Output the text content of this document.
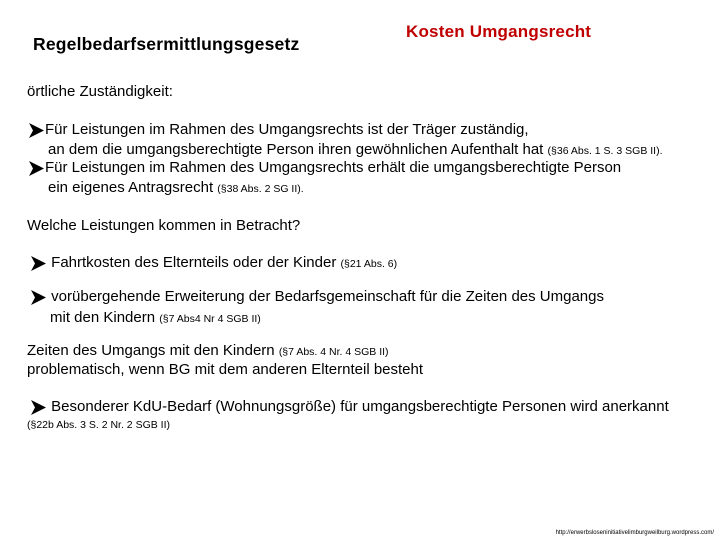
Regelbedarfsermittlungsgesetz
Kosten Umgangsrecht
örtliche Zuständigkeit:
Für Leistungen im Rahmen des Umgangsrechts ist der Träger zuständig,
an dem die umgangsberechtigte Person ihren gewöhnlichen Aufenthalt hat (§36 Abs. 1 S. 3 SGB II).
Für Leistungen im Rahmen des Umgangsrechts erhält die umgangsberechtigte Person
ein eigenes Antragsrecht (§38 Abs. 2 SG II).
Welche Leistungen kommen in Betracht?
Fahrtkosten des Elternteils oder der Kinder (§21 Abs. 6)
vorübergehende Erweiterung der Bedarfsgemeinschaft für die Zeiten des Umgangs
mit den Kindern (§7 Abs4 Nr 4 SGB II)
Zeiten des Umgangs mit den Kindern (§7 Abs. 4 Nr. 4 SGB II)
problematisch, wenn BG mit dem anderen Elternteil besteht
Besonderer KdU-Bedarf (Wohnungsgröße) für umgangsberechtigte Personen wird anerkannt
(§22b Abs. 3 S. 2 Nr. 2 SGB II)
http://erwerbsloseninitiativelimburgweilburg.wordpress.com/
